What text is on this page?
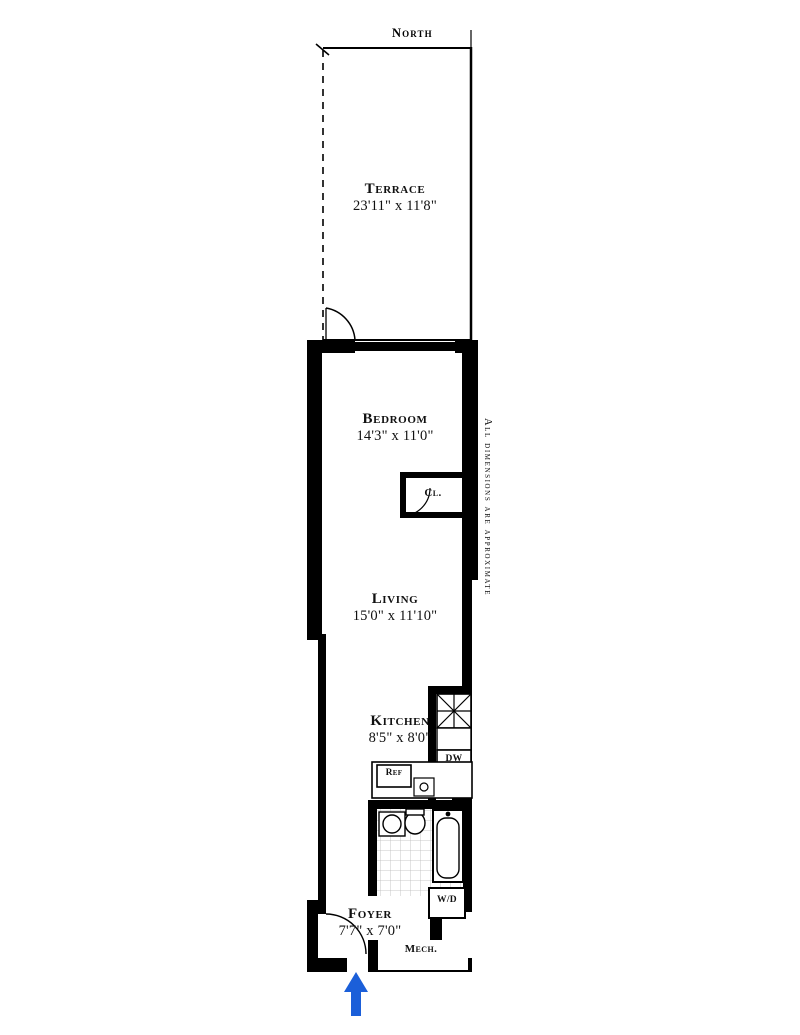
North
All dimensions are approximate
Terrace
23'11" x 11'8"
Bedroom
14'3" x 11'0"
Cl.
Living
15'0" x 11'10"
Kitchen
8'5" x 8'0"
Ref
DW
W/D
Foyer
7'7" x 7'0"
Mech.
